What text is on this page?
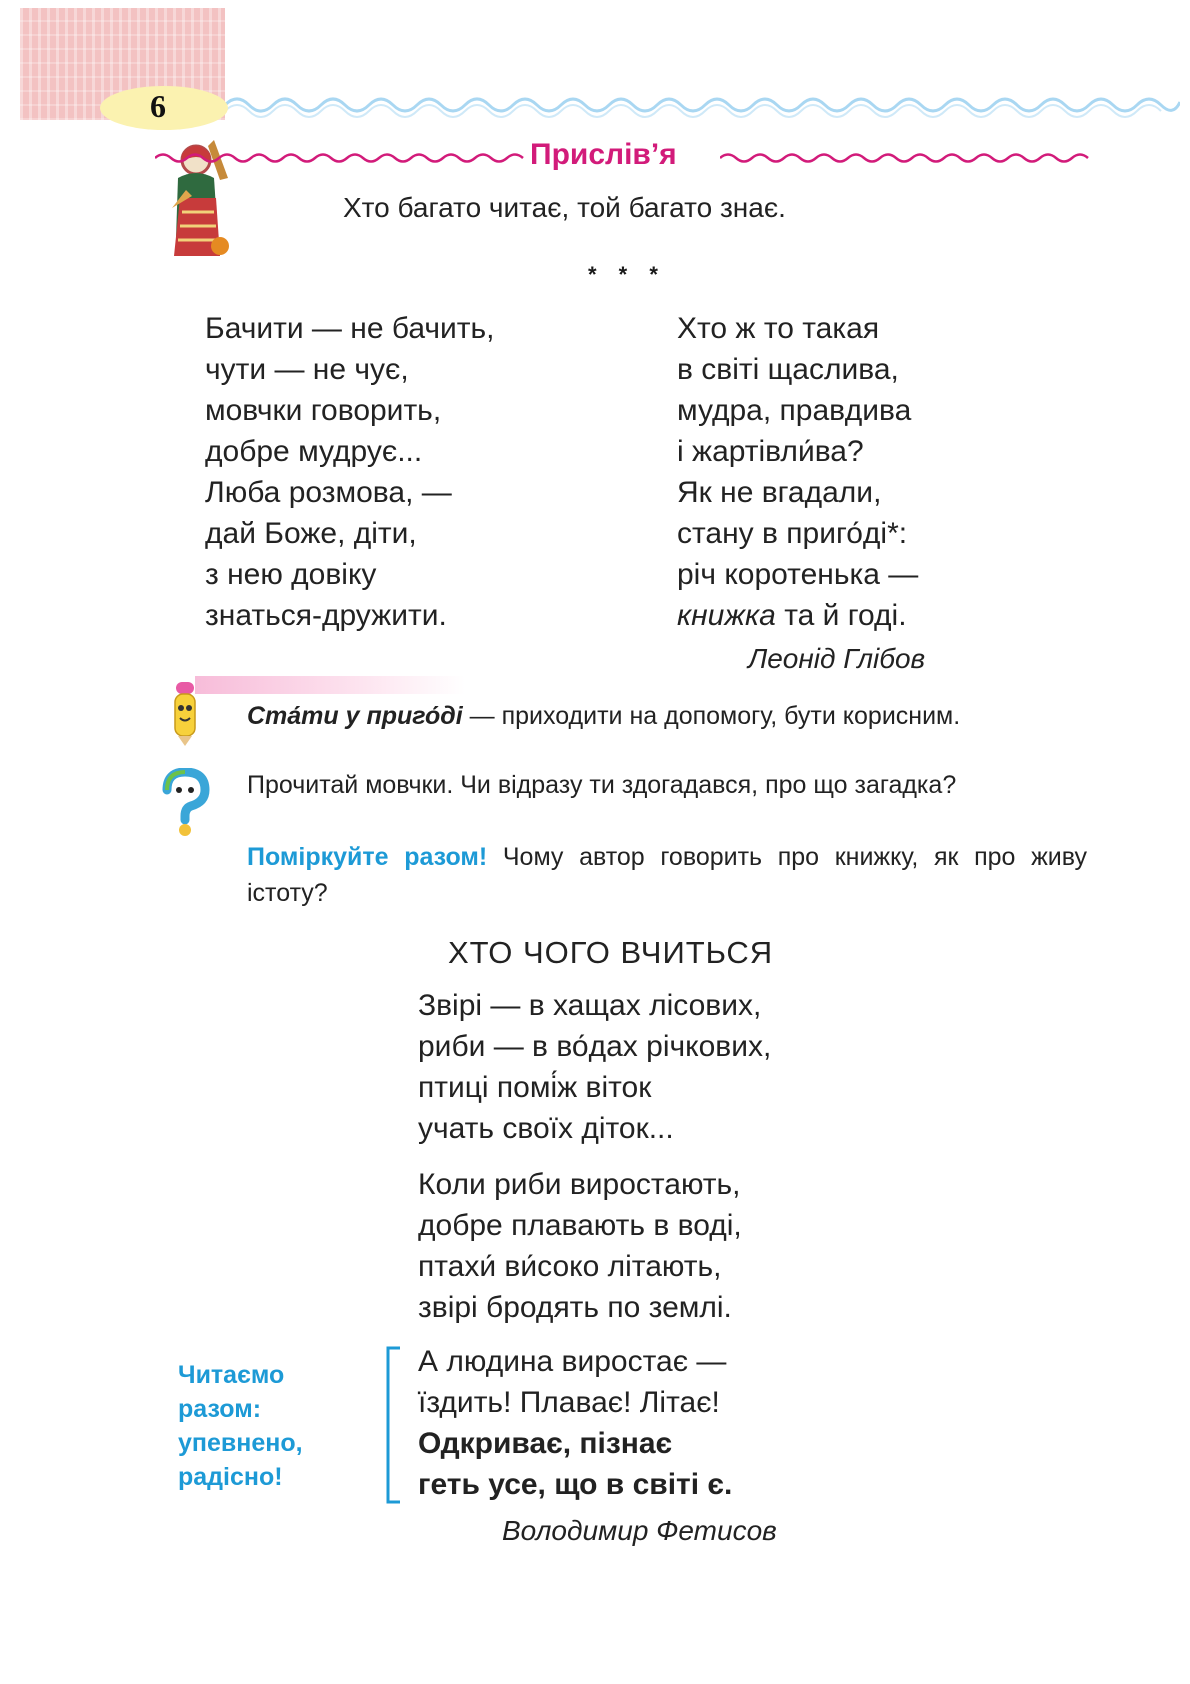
6
Прислів’я
Хто багато читає, той багато знає.
* * *
Бачити — не бачить,
чути — не чує,
мовчки говорить,
добре мудрує...
Люба розмова, —
дай Боже, діти,
з нею довіку
знаться-дружити.
Хто ж то такая
в світі щаслива,
мудра, правдива
і жартівли́ва?
Як не вгадали,
стану в приго́ді*:
річ коротенька —
книжка та й годі.
Леонід Глібов
Ста́ти у приго́ді — приходити на допомогу, бути корисним.
Прочитай мовчки. Чи відразу ти здогадався, про що загадка?
Поміркуйте разом! Чому автор говорить про книжку, як про живу істоту?
ХТО ЧОГО ВЧИТЬСЯ
Звірі — в хащах лісових,
риби — в во́дах річкових,
птиці помі́ж віток
учать своїх діток...
Коли риби виростають,
добре плавають в воді,
птахи́ ви́соко літають,
звірі бродять по землі.
А людина виростає —
їздить! Плаває! Літає!
Одкриває, пізнає
геть усе, що в світі є.
Читаємо
разом:
упевнено,
радісно!
Володимир Фетисов
